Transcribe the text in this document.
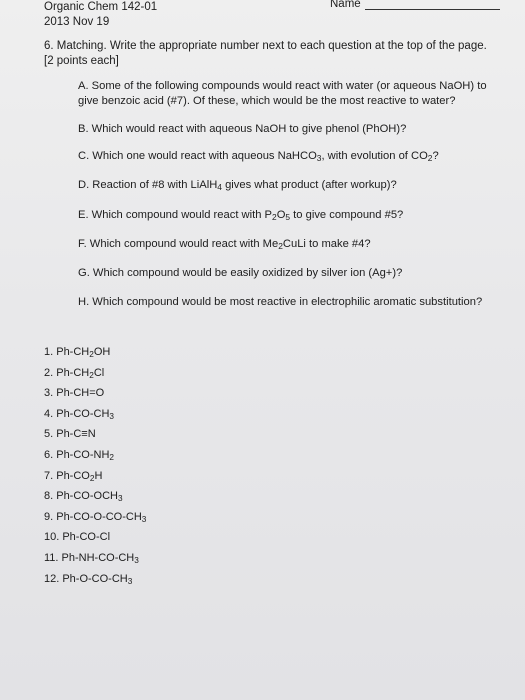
Organic Chem 142-01
2013 Nov 19
Name
6. Matching. Write the appropriate number next to each question at the top of the page.
[2 points each]
A. Some of the following compounds would react with water (or aqueous NaOH) to give benzoic acid (#7). Of these, which would be the most reactive to water?
B. Which would react with aqueous NaOH to give phenol (PhOH)?
C. Which one would react with aqueous NaHCO$_3$, with evolution of $CO_2$?
D. Reaction of #8 with LiAlH$_4$ gives what product (after workup)?
E. Which compound would react with $P_2O_5$ to give compound #5?
F. Which compound would react with $Me_2CuLi$ to make #4?
G. Which compound would be easily oxidized by silver ion (Ag+)?
H. Which compound would be most reactive in electrophilic aromatic substitution?
1. $Ph-CH_2OH$
2. $Ph-CH_2Cl$
3. Ph-CH=O
4. $Ph-CO-CH_3$
5. Ph-C≡N
6. $Ph-CO-NH_2$
7. $Ph-CO_2H$
8. $Ph-CO-OCH_3$
9. $Ph-CO-O-CO-CH_3$
10. Ph-CO-Cl
11. $Ph-NH-CO-CH_3$
12. $Ph-O-CO-CH_3$
